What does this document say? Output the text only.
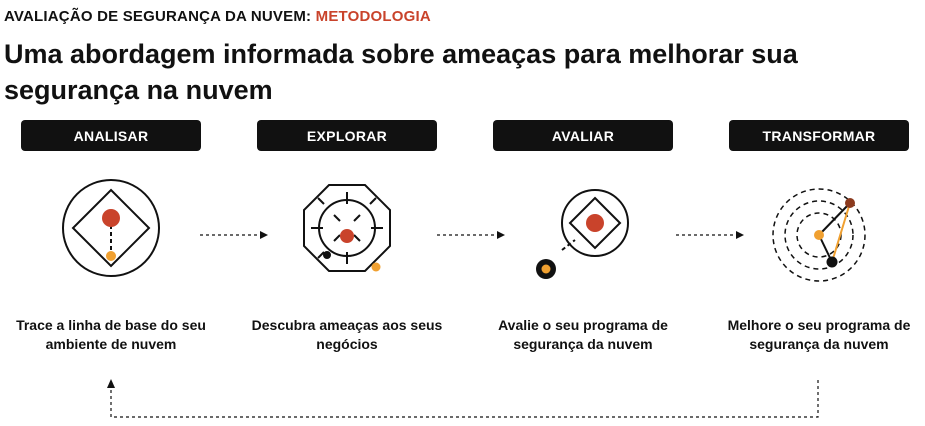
AVALIAÇÃO DE SEGURANÇA DA NUVEM: METODOLOGIA
Uma abordagem informada sobre ameaças para melhorar sua segurança na nuvem
ANALISAR	EXPLORAR	AVALIAR	TRANSFORMAR

Trace a linha de base do seu ambiente de nuvem

Descubra ameaças aos seus negócios

Avalie o seu programa de segurança da nuvem

Melhore o seu programa de segurança da nuvem
